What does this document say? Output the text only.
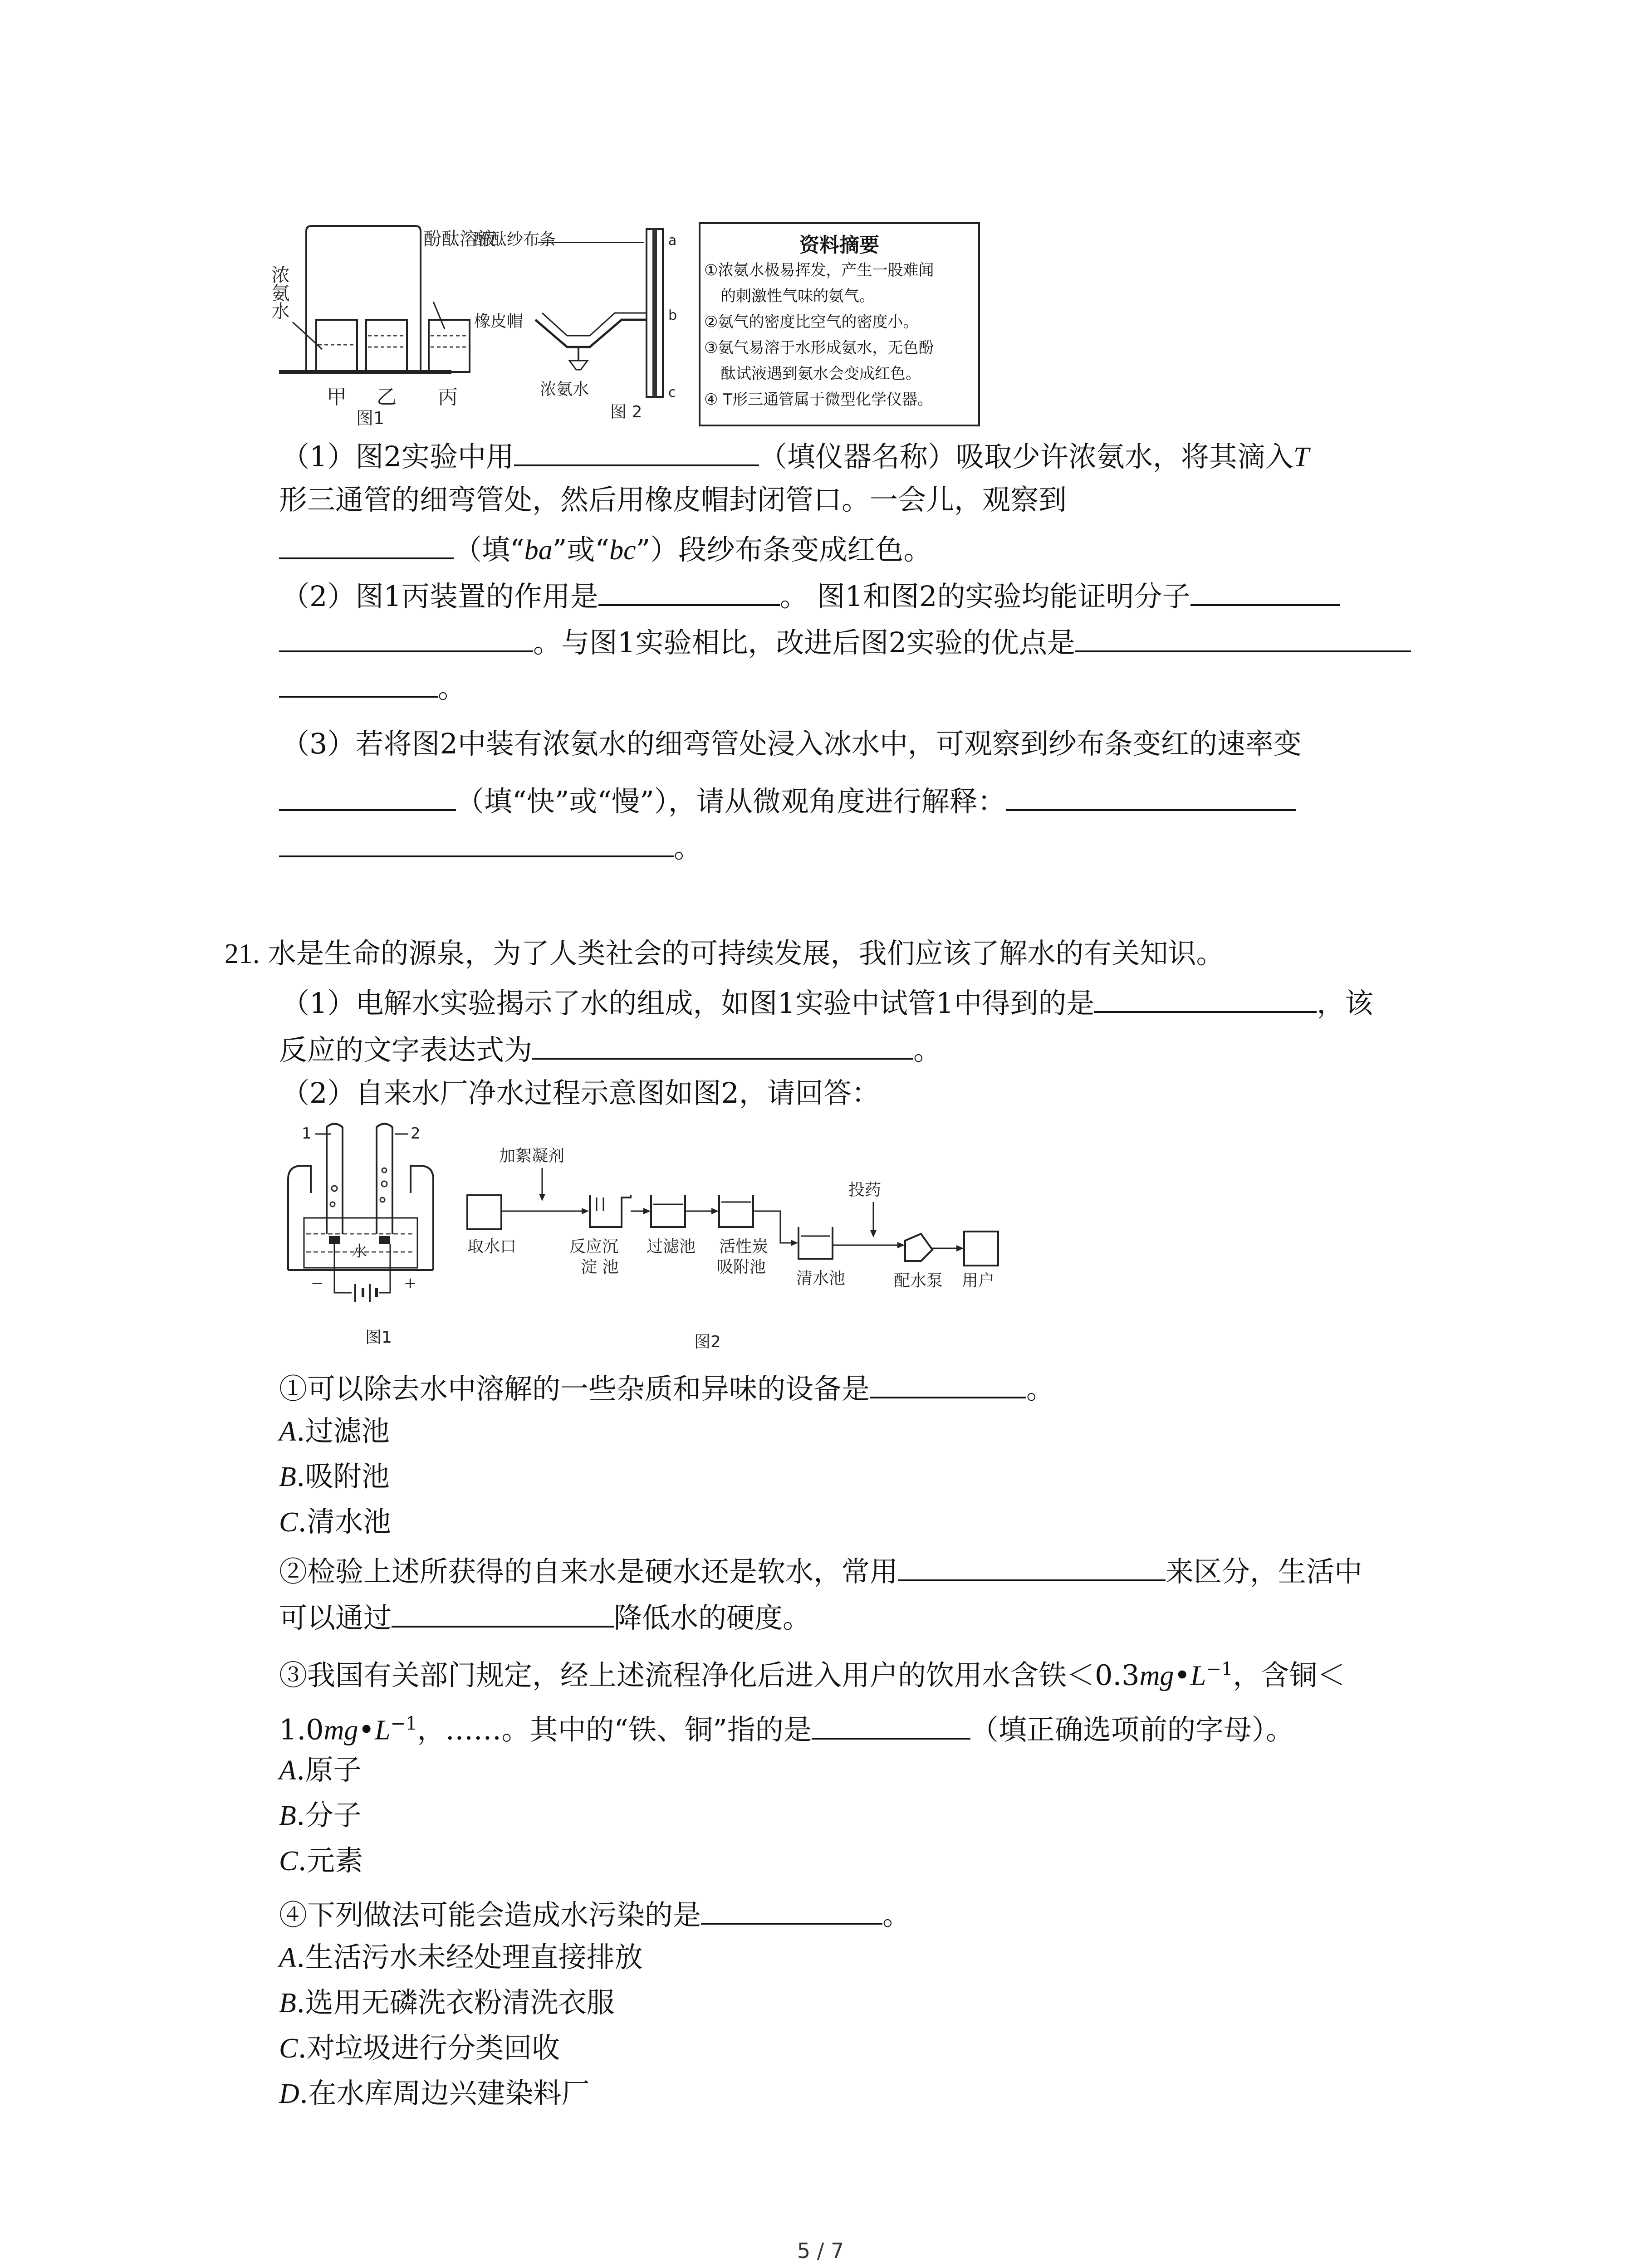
浓氨水
酚酞溶液
甲 乙 丙
图1
酚酞纱布条
橡皮帽
a
b
c
浓氨水
图 2
资料摘要
①浓氨水极易挥发，产生一股难闻
的刺激性气味的氨气。
②氨气的密度比空气的密度小。
③氨气易溶于水形成氨水，无色酚
酞试液遇到氨水会变成红色。
④ T形三通管属于微型化学仪器。
（1）图2实验中用	（填仪器名称）吸取少许浓氨水，将其滴入T
形三通管的细弯管处，然后用橡皮帽封闭管口。一会儿，观察到
（填“ba”或“bc”）段纱布条变成红色。
（2）图1丙装置的作用是	。 图1和图2的实验均能证明分子
。与图1实验相比，改进后图2实验的优点是
。
（3）若将图2中装有浓氨水的细弯管处浸入冰水中，可观察到纱布条变红的速率变
（填“快”或“慢”），请从微观角度进行解释：
。
21. 水是生命的源泉，为了人类社会的可持续发展，我们应该了解水的有关知识。
（1）电解水实验揭示了水的组成，如图1实验中试管1中得到的是	，该
反应的文字表达式为	。
（2）自来水厂净水过程示意图如图2，请回答：
1	2
水
−	+
图1
加絮凝剂
投药
取水口	反应沉淀 池
过滤池 活性炭吸附池
清水池	配水泵 用户
图2
①可以除去水中溶解的一些杂质和异味的设备是	。
A.过滤池
B.吸附池
C.清水池
②检验上述所获得的自来水是硬水还是软水，常用	来区分，生活中
可以通过	降低水的硬度。
③我国有关部门规定，经上述流程净化后进入用户的饮用水含铁$<0.3mg•L^{-1}$，含铜＜
$1.0mg•L^{-1}$，……。其中的“铁、铜”指的是	（填正确选项前的字母）。
A.原子
B.分子
C.元素
④下列做法可能会造成水污染的是	。
A.生活污水未经处理直接排放
B.选用无磷洗衣粉清洗衣服
C.对垃圾进行分类回收
D.在水库周边兴建染料厂
5 / 7
